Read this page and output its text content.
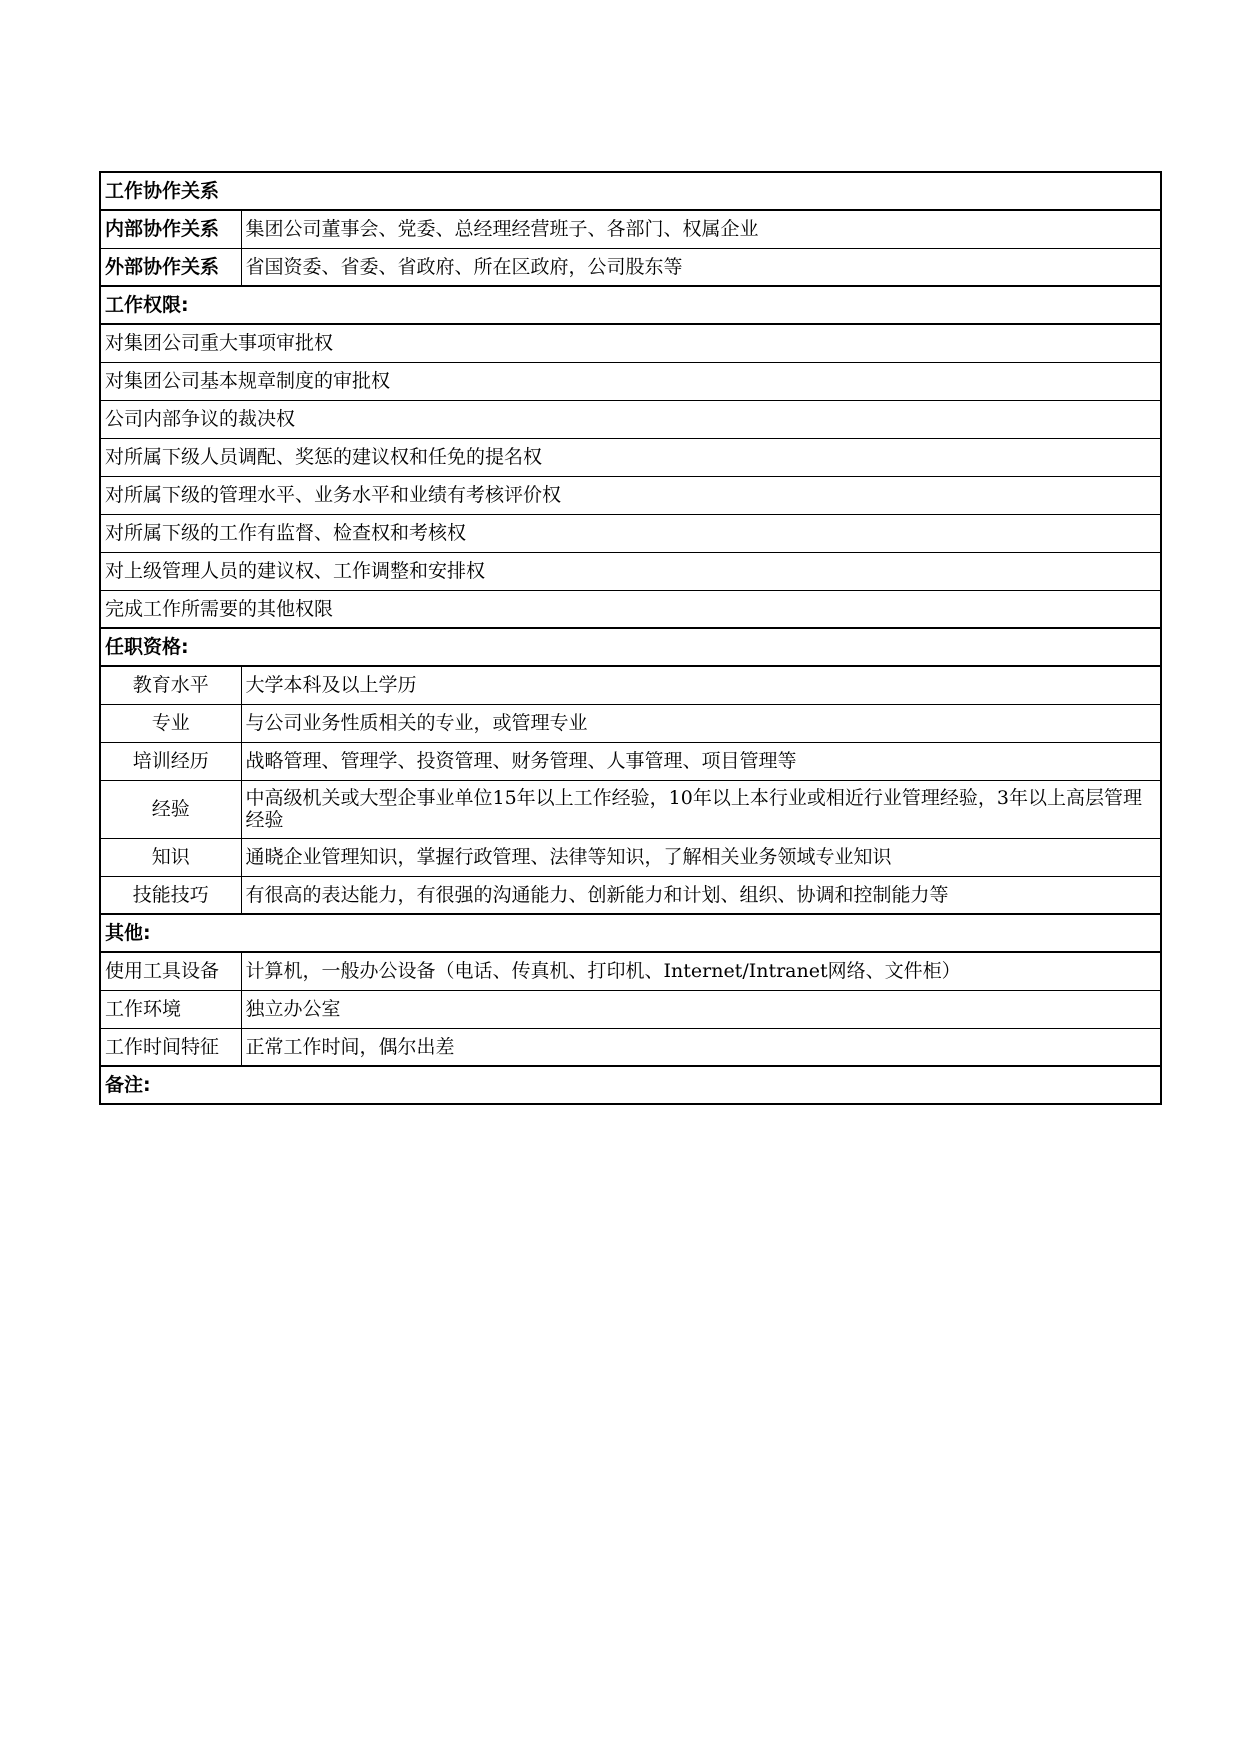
工作协作关系	
内部协作关系	集团公司董事会、党委、总经理经营班子、各部门、权属企业
外部协作关系	省国资委、省委、省政府、所在区政府，公司股东等
工作权限:	
对集团公司重大事项审批权	
对集团公司基本规章制度的审批权	
公司内部争议的裁决权	
对所属下级人员调配、奖惩的建议权和任免的提名权	
对所属下级的管理水平、业务水平和业绩有考核评价权	
对所属下级的工作有监督、检查权和考核权	
对上级管理人员的建议权、工作调整和安排权	
完成工作所需要的其他权限	
任职资格:	
教育水平	大学本科及以上学历
专业	与公司业务性质相关的专业，或管理专业
培训经历	战略管理、管理学、投资管理、财务管理、人事管理、项目管理等
经验	中高级机关或大型企事业单位15年以上工作经验，10年以上本行业或相近行业管理经验，3年以上高层管理经验
知识	通晓企业管理知识，掌握行政管理、法律等知识，了解相关业务领域专业知识
技能技巧	有很高的表达能力，有很强的沟通能力、创新能力和计划、组织、协调和控制能力等
其他:	
使用工具设备	计算机，一般办公设备（电话、传真机、打印机、Internet/Intranet网络、文件柜）
工作环境	独立办公室
工作时间特征	正常工作时间，偶尔出差
备注:	
